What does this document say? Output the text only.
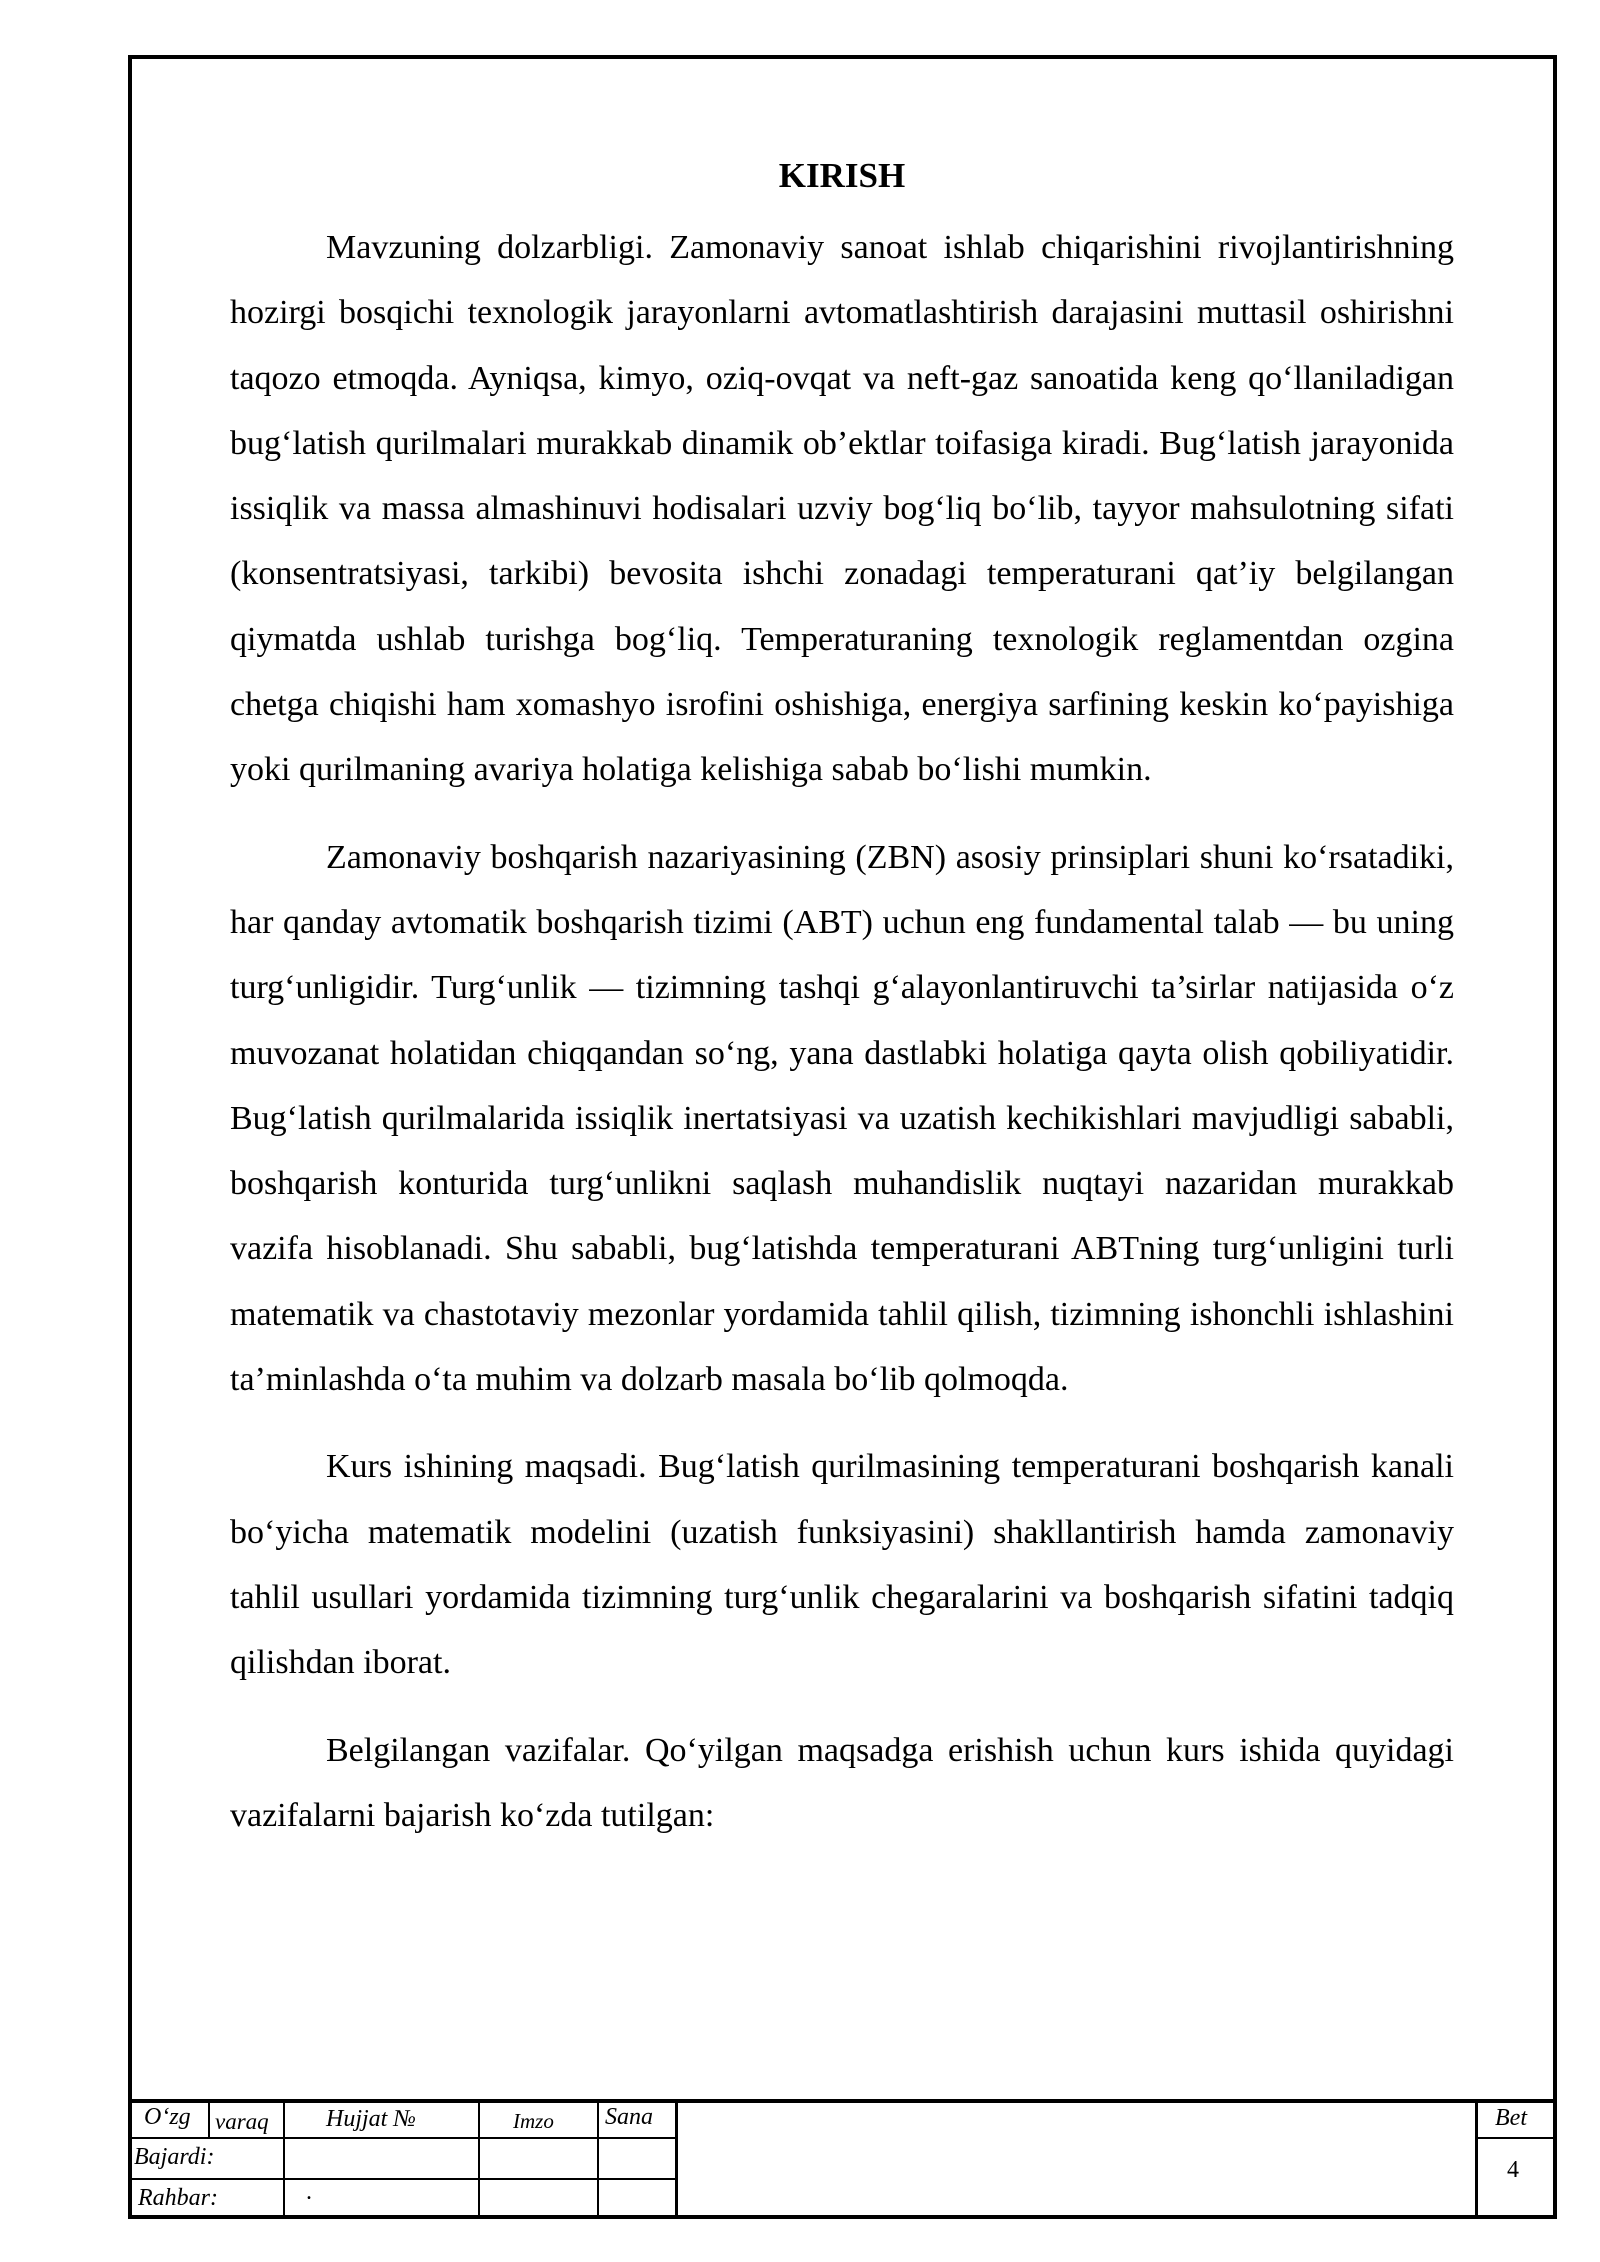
KIRISH

Mavzuning dolzarbligi. Zamonaviy sanoat ishlab chiqarishini rivojlantirishning hozirgi bosqichi texnologik jarayonlarni avtomatlashtirish darajasini muttasil oshirishni taqozo etmoqda. Ayniqsa, kimyo, oziq-ovqat va neft-gaz sanoatida keng qo‘llaniladigan bug‘latish qurilmalari murakkab dinamik ob’ektlar toifasiga kiradi. Bug‘latish jarayonida issiqlik va massa almashinuvi hodisalari uzviy bog‘liq bo‘lib, tayyor mahsulotning sifati (konsentratsiyasi, tarkibi) bevosita ishchi zonadagi temperaturani qat’iy belgilangan qiymatda ushlab turishga bog‘liq. Temperaturaning texnologik reglamentdan ozgina chetga chiqishi ham xomashyo isrofini oshishiga, energiya sarfining keskin ko‘payishiga yoki qurilmaning avariya holatiga kelishiga sabab bo‘lishi mumkin.

Zamonaviy boshqarish nazariyasining (ZBN) asosiy prinsiplari shuni ko‘rsatadiki, har qanday avtomatik boshqarish tizimi (ABT) uchun eng fundamental talab — bu uning turg‘unligidir. Turg‘unlik — tizimning tashqi g‘alayonlantiruvchi ta’sirlar natijasida o‘z muvozanat holatidan chiqqandan so‘ng, yana dastlabki holatiga qayta olish qobiliyatidir. Bug‘latish qurilmalarida issiqlik inertatsiyasi va uzatish kechikishlari mavjudligi sababli, boshqarish konturida turg‘unlikni saqlash muhandislik nuqtayi nazaridan murakkab vazifa hisoblanadi. Shu sababli, bug‘latishda temperaturani ABTning turg‘unligini turli matematik va chastotaviy mezonlar yordamida tahlil qilish, tizimning ishonchli ishlashini ta’minlashda o‘ta muhim va dolzarb masala bo‘lib qolmoqda.

Kurs ishining maqsadi. Bug‘latish qurilmasining temperaturani boshqarish kanali bo‘yicha matematik modelini (uzatish funksiyasini) shakllantirish hamda zamonaviy tahlil usullari yordamida tizimning turg‘unlik chegaralarini va boshqarish sifatini tadqiq qilishdan iborat.

Belgilangan vazifalar. Qo‘yilgan maqsadga erishish uchun kurs ishida quyidagi vazifalarni bajarish ko‘zda tutilgan:

O‘zg varaq Hujjat №	Imzo Sana
Bajardi:
Rahbar:	.
Bet
4
